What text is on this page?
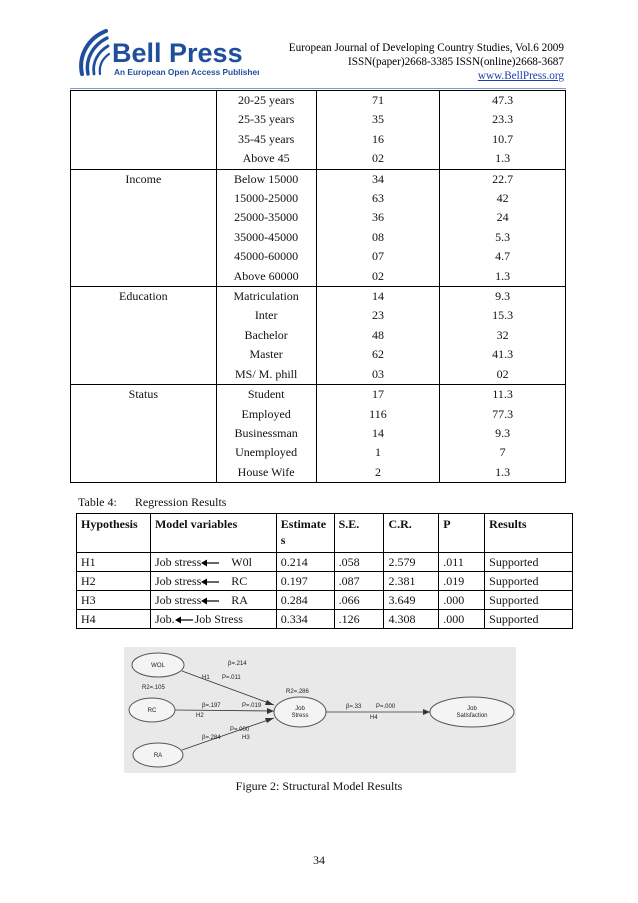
Bell Press
An European Open Access Publisher
European Journal of Developing Country Studies, Vol.6 2009
ISSN(paper)2668-3385 ISSN(online)2668-3687
www.BellPress.org
	20-25 years	71	47.3
	25-35 years	35	23.3
	35-45 years	16	10.7
	Above 45	02	1.3
Income	Below 15000	34	22.7
	15000-25000	63	42
	25000-35000	36	24
	35000-45000	08	5.3
	45000-60000	07	4.7
	Above 60000	02	1.3
Education	Matriculation	14	9.3
	Inter	23	15.3
	Bachelor	48	32
	Master	62	41.3
	MS/ M. phill	03	02
Status	Student	17	11.3
	Employed	116	77.3
	Businessman	14	9.3
	Unemployed	1	7
	House Wife	2	1.3
Table 4: Regression Results
Hypothesis	Model variables	Estimates	S.E.	C.R.	P	Results
H1	Job stress W0l	0.214	.058	2.579	.011	Supported
H2	Job stress RC	0.197	.087	2.381	.019	Supported
H3	Job stress RA	0.284	.066	3.649	.000	Supported
H4	Job. Job Stress	0.334	.126	4.308	.000	Supported
WOL
RC
RA
Job
Stress
Job
Satisfaction
R2=.105
R2=.286
β=.214
H1 P=.011
β=.197
H2
P=.019
β=.284
P=.000
H3
β=.33 P=.000
H4
Figure 2: Structural Model Results
34
